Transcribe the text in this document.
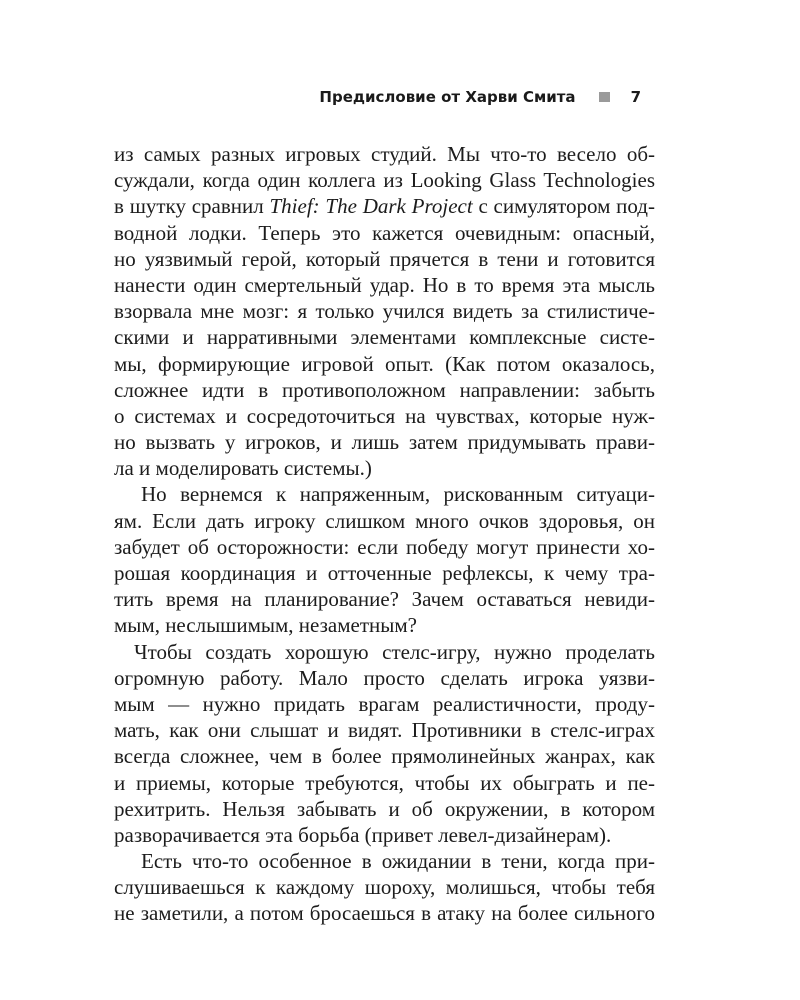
Предисловие от Харви Смита	7
из самых разных игровых студий. Мы что-то весело об-
суждали, когда один коллега из Looking Glass Technologies
в шутку сравнил Thief: The Dark Project с симулятором под-
водной лодки. Теперь это кажется очевидным: опасный,
но уязвимый герой, который прячется в тени и готовится
нанести один смертельный удар. Но в то время эта мысль
взорвала мне мозг: я только учился видеть за стилистиче-
скими и нарративными элементами комплексные систе-
мы, формирующие игровой опыт. (Как потом оказалось,
сложнее идти в противоположном направлении: забыть
о системах и сосредоточиться на чувствах, которые нуж-
но вызвать у игроков, и лишь затем придумывать прави-
ла и моделировать системы.)
Но вернемся к напряженным, рискованным ситуаци-
ям. Если дать игроку слишком много очков здоровья, он
забудет об осторожности: если победу могут принести хо-
рошая координация и отточенные рефлексы, к чему тра-
тить время на планирование? Зачем оставаться невиди-
мым, неслышимым, незаметным?
Чтобы создать хорошую стелс-игру, нужно проделать
огромную работу. Мало просто сделать игрока уязви-
мым — нужно придать врагам реалистичности, проду-
мать, как они слышат и видят. Противники в стелс-играх
всегда сложнее, чем в более прямолинейных жанрах, как
и приемы, которые требуются, чтобы их обыграть и пе-
рехитрить. Нельзя забывать и об окружении, в котором
разворачивается эта борьба (привет левел-дизайнерам).
Есть что-то особенное в ожидании в тени, когда при-
слушиваешься к каждому шороху, молишься, чтобы тебя
не заметили, а потом бросаешься в атаку на более сильного
